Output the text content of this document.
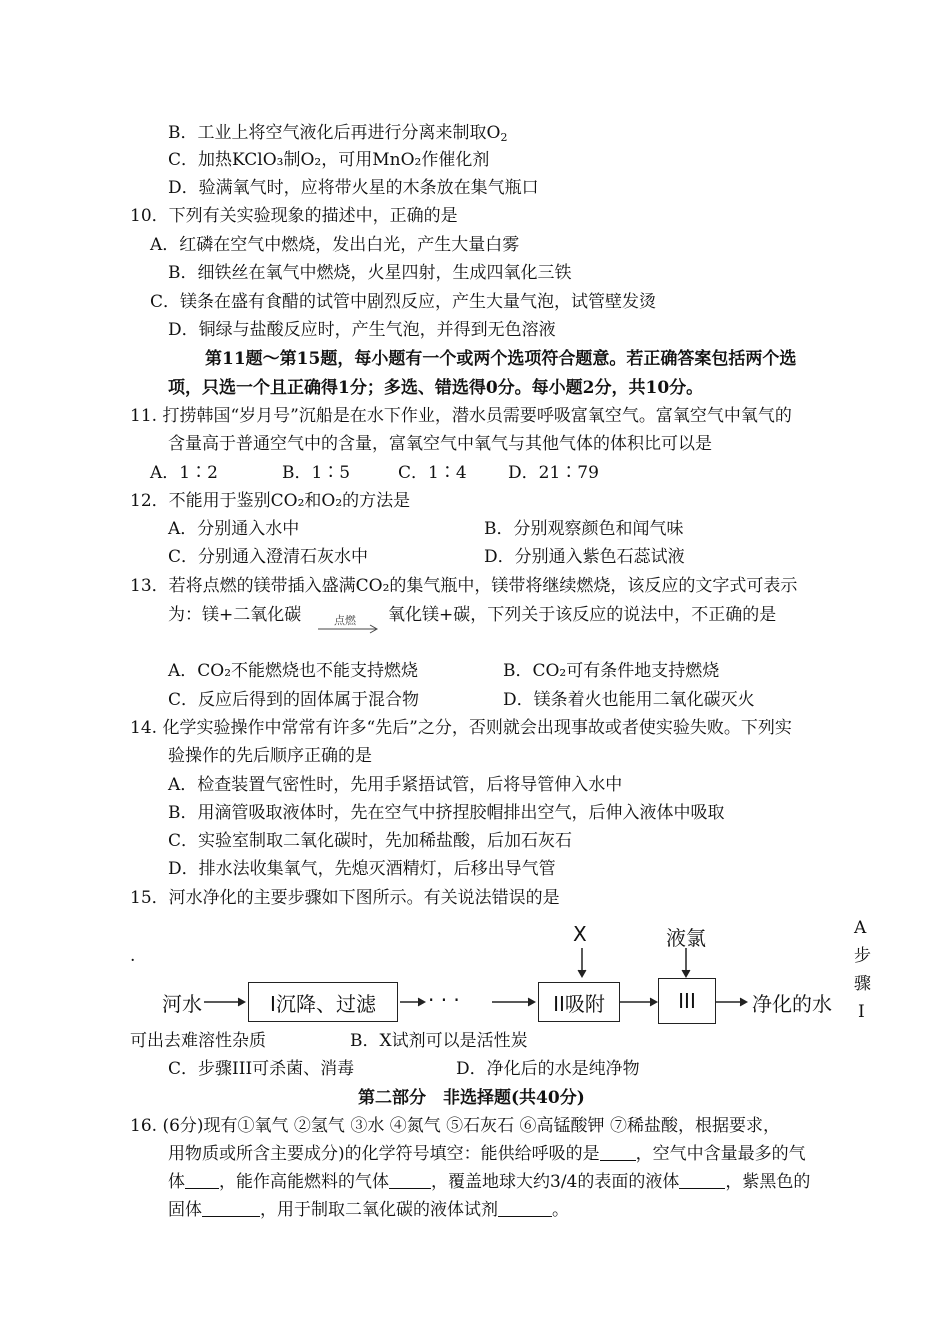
B．工业上将空气液化后再进行分离来制取$O_2$
C．加热KClO₃制O₂，可用MnO₂作催化剂
D．验满氧气时，应将带火星的木条放在集气瓶口
10．下列有关实验现象的描述中，正确的是
A．红磷在空气中燃烧，发出白光，产生大量白雾
B．细铁丝在氧气中燃烧，火星四射，生成四氧化三铁
C．镁条在盛有食醋的试管中剧烈反应，产生大量气泡，试管壁发烫
D．铜绿与盐酸反应时，产生气泡，并得到无色溶液
第11题～第15题，每小题有一个或两个选项符合题意。若正确答案包括两个选
项，只选一个且正确得1分；多选、错选得0分。每小题2分，共10分。
11. 打捞韩国“岁月号”沉船是在水下作业，潜水员需要呼吸富氧空气。富氧空气中氧气的
含量高于普通空气中的含量，富氧空气中氧气与其他气体的体积比可以是
A．1∶2	B．1∶5	C．1∶4 D．21∶79
12．不能用于鉴别CO₂和O₂的方法是
A．分别通入水中	B．分别观察颜色和闻气味
C．分别通入澄清石灰水中	D．分别通入紫色石蕊试液
13．若将点燃的镁带插入盛满CO₂的集气瓶中，镁带将继续燃烧，该反应的文字式可表示
为：镁+二氧化碳	点燃 氧化镁+碳，下列关于该反应的说法中，不正确的是
A．CO₂不能燃烧也不能支持燃烧	B．CO₂可有条件地支持燃烧
C．反应后得到的固体属于混合物	D．镁条着火也能用二氧化碳灭火
14. 化学实验操作中常常有许多“先后”之分，否则就会出现事故或者使实验失败。下列实
验操作的先后顺序正确的是
A．检查装置气密性时，先用手紧捂试管，后将导管伸入水中
B．用滴管吸取液体时，先在空气中挤捏胶帽排出空气，后伸入液体中吸取
C．实验室制取二氧化碳时，先加稀盐酸，后加石灰石
D．排水法收集氧气，先熄灭酒精灯，后移出导气管
15．河水净化的主要步骤如下图所示。有关说法错误的是
.
河水	I沉降、过滤	· · ·	II吸附	III
X	液氯
净化的水
A
步
骤
I
可出去难溶性杂质	B．X试剂可以是活性炭
C．步骤III可杀菌、消毒	D．净化后的水是纯净物
第二部分　非选择题(共40分)
16. (6分)现有①氧气 ②氢气 ③水 ④氮气 ⑤石灰石 ⑥高锰酸钾 ⑦稀盐酸，根据要求，
用物质或所含主要成分)的化学符号填空：能供给呼吸的是 ，空气中含量最多的气
体 ，能作高能燃料的气体 ，覆盖地球大约3/4的表面的液体	，紫黑色的
固体	，用于制取二氧化碳的液体试剂	。
